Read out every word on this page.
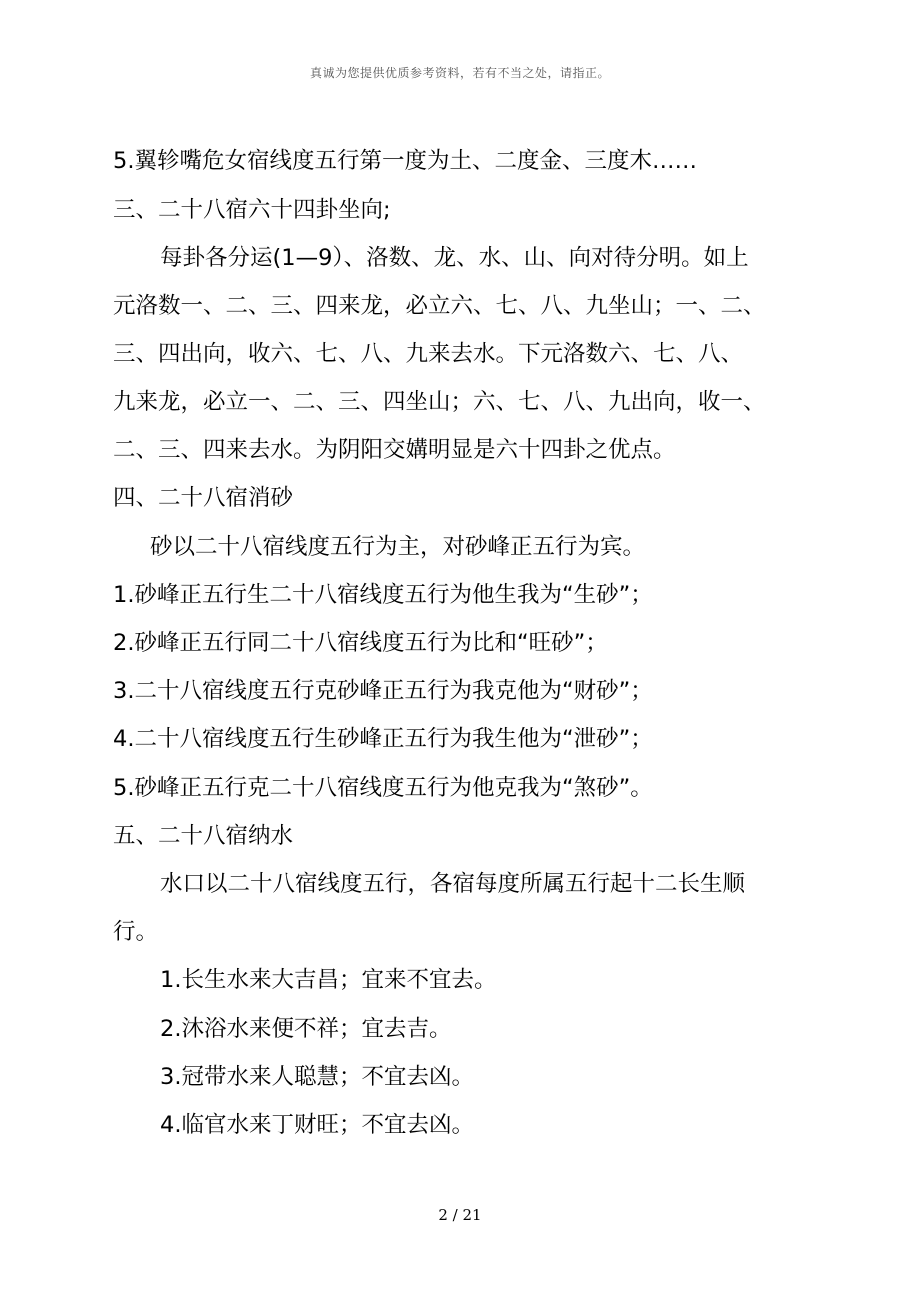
真诚为您提供优质参考资料，若有不当之处，请指正。
5.翼轸嘴危女宿线度五行第一度为土、二度金、三度木……
三、二十八宿六十四卦坐向;
每卦各分运(1—9）、洛数、龙、水、山、向对待分明。如上
元洛数一、二、三、四来龙，必立六、七、八、九坐山；一、二、
三、四出向，收六、七、八、九来去水。下元洛数六、七、八、
九来龙，必立一、二、三、四坐山；六、七、八、九出向，收一、
二、三、四来去水。为阴阳交媾明显是六十四卦之优点。
四、二十八宿消砂
砂以二十八宿线度五行为主，对砂峰正五行为宾。
1.砂峰正五行生二十八宿线度五行为他生我为“生砂”；
2.砂峰正五行同二十八宿线度五行为比和“旺砂”；
3.二十八宿线度五行克砂峰正五行为我克他为“财砂”；
4.二十八宿线度五行生砂峰正五行为我生他为“泄砂”；
5.砂峰正五行克二十八宿线度五行为他克我为“煞砂”。
五、二十八宿纳水
水口以二十八宿线度五行，各宿每度所属五行起十二长生顺
行。
1.长生水来大吉昌；宜来不宜去。
2.沐浴水来便不祥；宜去吉。
3.冠带水来人聪慧；不宜去凶。
4.临官水来丁财旺；不宜去凶。
2 / 21
